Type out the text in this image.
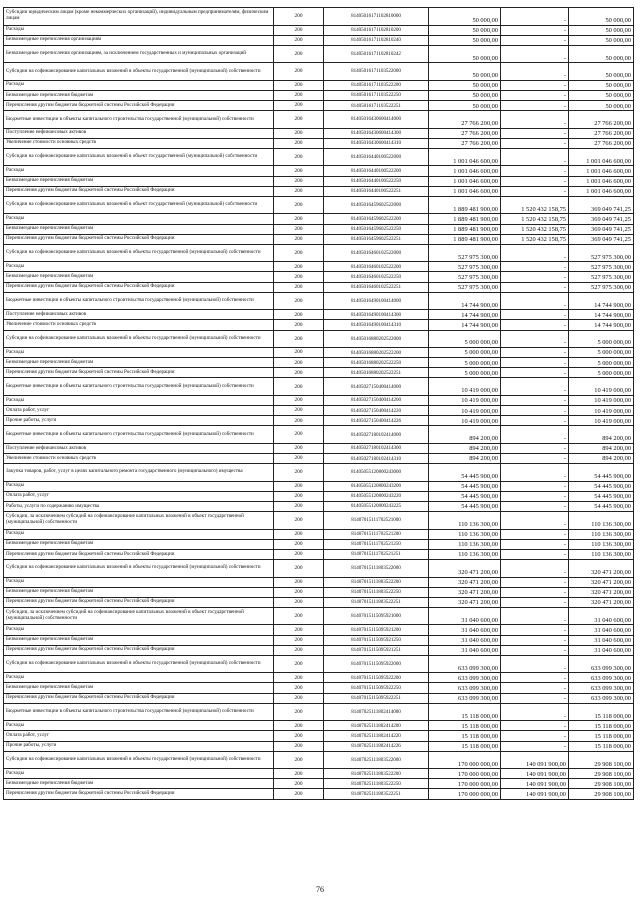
Субсидии юридическим лицам (кроме некоммерческих организаций), индивидуальным предпринимателям, физическим лицам	200	81405016171102810000	50 000,00	-	50 000,00
Расходы	200	81405016171102810200	50 000,00	-	50 000,00
Безвозмездные перечисления организациям	200	81405016171102810240	50 000,00	-	50 000,00
Безвозмездные перечисления организациям, за исключением государственных и муниципальных организаций	200	81405016171102810242	50 000,00	-	50 000,00
Субсидии на софинансирование капитальных вложений в объекты государственной (муниципальной) собственности	200	81405016171103522000	50 000,00	-	50 000,00
Расходы	200	81405016171103522200	50 000,00	-	50 000,00
Безвозмездные перечисления бюджетам	200	81405016171103522250	50 000,00	-	50 000,00
Перечисления другим бюджетам бюджетной системы Российской Федерации	200	81405016171103522251	50 000,00	-	50 000,00
Бюджетные инвестиции в объекты капитального строительства государственной (муниципальной) собственности	200	81405016430600414000	27 766 200,00	-	27 766 200,00
Поступление нефинансовых активов	200	81405016430600414300	27 766 200,00	-	27 766 200,00
Увеличение стоимости основных средств	200	81405016430600414310	27 766 200,00	-	27 766 200,00
Субсидии на софинансирование капитальных вложений в объект государственной (муниципальной) собственности	200	81405016440100522000	1 001 046 600,00	-	1 001 046 600,00
Расходы	200	81405016440100522200	1 001 046 600,00	-	1 001 046 600,00
Безвозмездные перечисления бюджетам	200	81405016440100522250	1 001 046 600,00	-	1 001 046 600,00
Перечисления другим бюджетам бюджетной системы Российской Федерации	200	81405016440100522251	1 001 046 600,00	-	1 001 046 600,00
Субсидии на софинансирование капитальных вложений в объект государственной (муниципальной) собственности	200	81405016459602522000	1 889 481 900,00	1 520 432 158,75	369 049 741,25
Расходы	200	81405016459602522200	1 889 481 900,00	1 520 432 158,75	369 049 741,25
Безвозмездные перечисления бюджетам	200	81405016459602522250	1 889 481 900,00	1 520 432 158,75	369 049 741,25
Перечисления другим бюджетам бюджетной системы Российской Федерации	200	81405016459602522251	1 889 481 900,00	1 520 432 158,75	369 049 741,25
Субсидии на софинансирование капитальных вложений в объекты государственной (муниципальной) собственности	200	81405016460102522000	527 975 300,00	-	527 975 300,00
Расходы	200	81405016460102522200	527 975 300,00	-	527 975 300,00
Безвозмездные перечисления бюджетам	200	81405016460102522250	527 975 300,00	-	527 975 300,00
Перечисления другим бюджетам бюджетной системы Российской Федерации	200	81405016460102522251	527 975 300,00	-	527 975 300,00
Бюджетные инвестиции в объекты капитального строительства государственной (муниципальной) собственности	200	81405016490100414000	14 744 900,00	-	14 744 900,00
Поступление нефинансовых активов	200	81405016490100414300	14 744 900,00	-	14 744 900,00
Увеличение стоимости основных средств	200	81405016490100414310	14 744 900,00	-	14 744 900,00
Субсидии на софинансирование капитальных вложений в объекты государственной (муниципальной) собственности	200	81405016880202522000	5 000 000,00	-	5 000 000,00
Расходы	200	81405016880202522200	5 000 000,00	-	5 000 000,00
Безвозмездные перечисления бюджетам	200	81405016880202522250	5 000 000,00	-	5 000 000,00
Перечисления другим бюджетам бюджетной системы Российской Федерации	200	81405016880202522251	5 000 000,00	-	5 000 000,00
Бюджетные инвестиции в объекты капитального строительства государственной (муниципальной) собственности	200	81405027150400414000	10 419 000,00	-	10 419 000,00
Расходы	200	81405027150400414200	10 419 000,00	-	10 419 000,00
Оплата работ, услуг	200	81405027150400414220	10 419 000,00	-	10 419 000,00
Прочие работы, услуги	200	81405027150400414226	10 419 000,00	-	10 419 000,00
Бюджетные инвестиции в объекты капитального строительства государственной (муниципальной) собственности	200	81405027180102414000	894 200,00	-	894 200,00
Поступление нефинансовых активов	200	81405027180102414300	894 200,00	-	894 200,00
Увеличение стоимости основных средств	200	81405027180102414310	894 200,00	-	894 200,00
Закупка товаров, работ, услуг в целях капитального ремонта государственного (муниципального) имущества	200	81405055120800243000	54 445 900,00	-	54 445 900,00
Расходы	200	81405055120800243200	54 445 900,00	-	54 445 900,00
Оплата работ, услуг	200	81405055120800243220	54 445 900,00	-	54 445 900,00
Работы, услуги по содержанию имущества	200	81405055120800243225	54 445 900,00	-	54 445 900,00
Субсидии, за исключением субсидий на софинансирование капитальных вложений в объект государственной (муниципальной) собственности	200	81407015111702521000	110 136 300,00	-	110 136 300,00
Расходы	200	81407015111702521200	110 136 300,00	-	110 136 300,00
Безвозмездные перечисления бюджетам	200	81407015111702521250	110 136 300,00	-	110 136 300,00
Перечисления другим бюджетам бюджетной системы Российской Федерации	200	81407015111702521251	110 136 300,00	-	110 136 300,00
Субсидии на софинансирование капитальных вложений в объекты государственной (муниципальной) собственности	200	81407015111803522000	320 471 200,00	-	320 471 200,00
Расходы	200	81407015111803522200	320 471 200,00	-	320 471 200,00
Безвозмездные перечисления бюджетам	200	81407015111803522250	320 471 200,00	-	320 471 200,00
Перечисления другим бюджетам бюджетной системы Российской Федерации	200	81407015111803522251	320 471 200,00	-	320 471 200,00
Субсидии, за исключением субсидий на софинансирование капитальных вложений в объект государственной (муниципальной) собственности	200	81407015115095921000	31 040 600,00	-	31 040 600,00
Расходы	200	81407015115095921200	31 040 600,00	-	31 040 600,00
Безвозмездные перечисления бюджетам	200	81407015115095921250	31 040 600,00	-	31 040 600,00
Перечисления другим бюджетам бюджетной системы Российской Федерации	200	81407015115095921251	31 040 600,00	-	31 040 600,00
Субсидии на софинансирование капитальных вложений в объекты государственной (муниципальной) собственности	200	81407015115095922000	633 099 300,00	-	633 099 300,00
Расходы	200	81407015115095922200	633 099 300,00	-	633 099 300,00
Безвозмездные перечисления бюджетам	200	81407015115095922250	633 099 300,00	-	633 099 300,00
Перечисления другим бюджетам бюджетной системы Российской Федерации	200	81407015115095922251	633 099 300,00	-	633 099 300,00
Бюджетные инвестиции в объекты капитального строительства государственной (муниципальной) собственности	200	81407025111802414000	15 118 000,00	-	15 118 000,00
Расходы	200	81407025111802414200	15 118 000,00	-	15 118 000,00
Оплата работ, услуг	200	81407025111802414220	15 118 000,00	-	15 118 000,00
Прочие работы, услуги	200	81407025111802414226	15 118 000,00	-	15 118 000,00
Субсидии на софинансирование капитальных вложений в объекты государственной (муниципальной) собственности	200	81407025111803522000	170 000 000,00	140 091 900,00	29 908 100,00
Расходы	200	81407025111803522200	170 000 000,00	140 091 900,00	29 908 100,00
Безвозмездные перечисления бюджетам	200	81407025111803522250	170 000 000,00	140 091 900,00	29 908 100,00
Перечисления другим бюджетам бюджетной системы Российской Федерации	200	81407025111803522251	170 000 000,00	140 091 900,00	29 908 100,00
76
